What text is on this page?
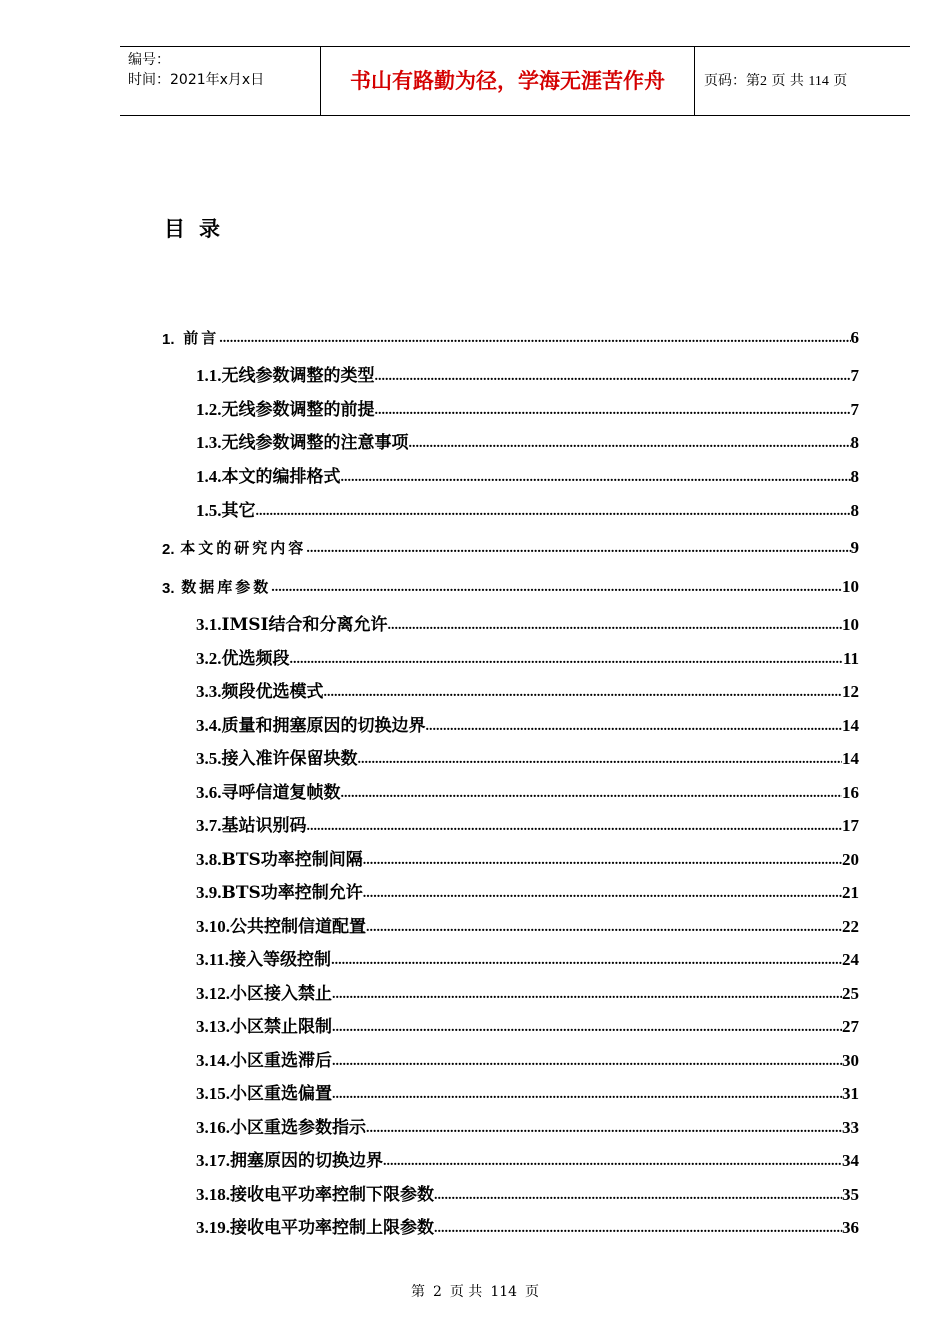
编号：
时间：2021年x月x日	书山有路勤为径，学海无涯苦作舟	页码：第2 页 共 114 页
目录
1. 前言 .....	6
1.1. 无线参数调整的类型 .....	7
1.2. 无线参数调整的前提 .....	7
1.3. 无线参数调整的注意事项 .....	8
1.4. 本文的编排格式 .....	8
1.5. 其它 .....	8
2. 本文的研究内容 .....	9
3. 数据库参数 .....	10
3.1. IMSI结合和分离允许 .....	10
3.2. 优选频段 .....	11
3.3. 频段优选模式 .....	12
3.4. 质量和拥塞原因的切换边界 .....	14
3.5. 接入准许保留块数 .....	14
3.6. 寻呼信道复帧数 .....	16
3.7. 基站识别码 .....	17
3.8. BTS功率控制间隔 .....	20
3.9. BTS功率控制允许 .....	21
3.10. 公共控制信道配置 .....	22
3.11. 接入等级控制 .....	24
3.12. 小区接入禁止 .....	25
3.13. 小区禁止限制 .....	27
3.14. 小区重选滞后 .....	30
3.15. 小区重选偏置 .....	31
3.16. 小区重选参数指示 .....	33
3.17. 拥塞原因的切换边界 .....	34
3.18. 接收电平功率控制下限参数 .....	35
3.19. 接收电平功率控制上限参数 .....	36
第 2 页 共 114 页
